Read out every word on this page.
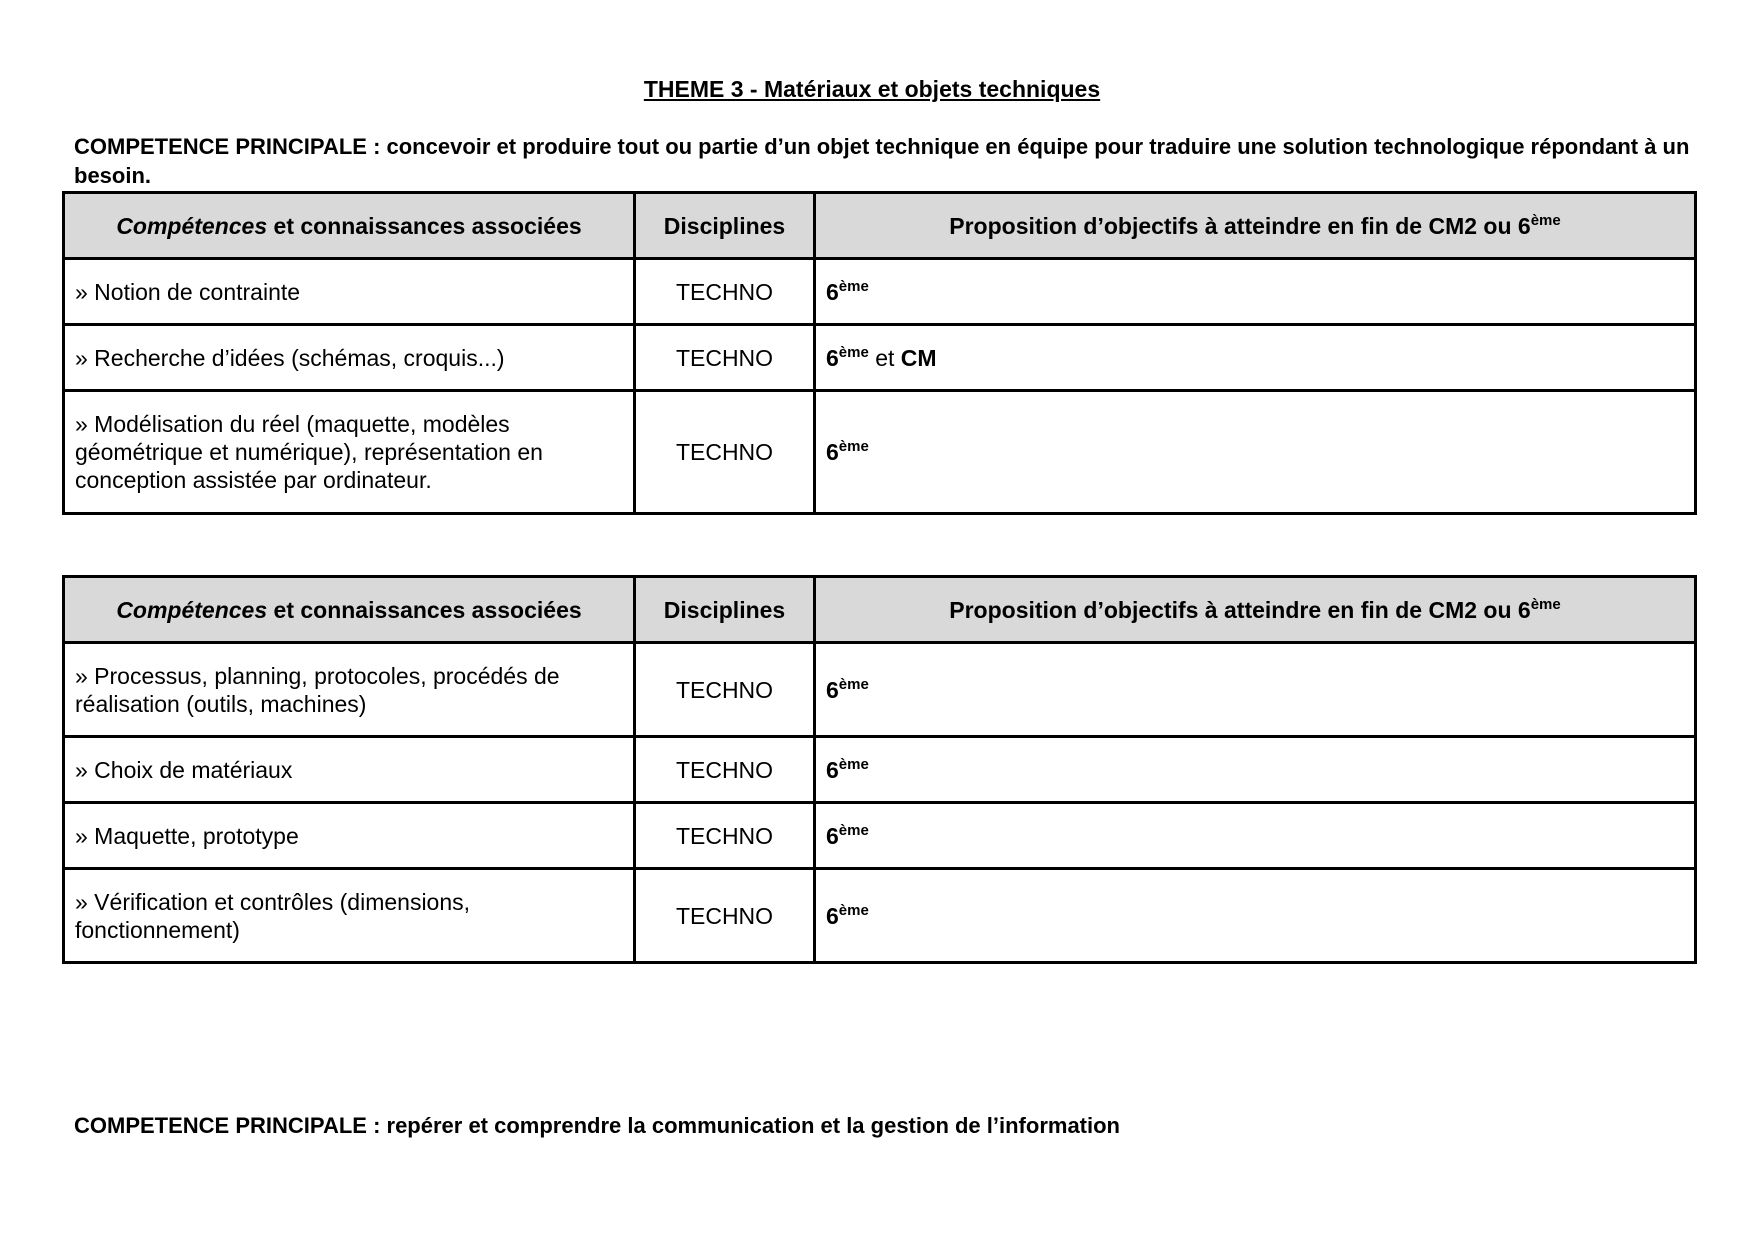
THEME 3 - Matériaux et objets techniques

COMPETENCE PRINCIPALE : concevoir et produire tout ou partie d’un objet technique en équipe pour traduire une solution technologique répondant à un besoin.

Compétences et connaissances associées	Disciplines	Proposition d’objectifs à atteindre en fin de CM2 ou 6ème
» Notion de contrainte	TECHNO	6ème
» Recherche d’idées (schémas, croquis...)	TECHNO	6ème et CM
» Modélisation du réel (maquette, modèles géométrique et numérique), représentation en conception assistée par ordinateur.	TECHNO	6ème
Compétences et connaissances associées	Disciplines	Proposition d’objectifs à atteindre en fin de CM2 ou 6ème
» Processus, planning, protocoles, procédés de réalisation (outils, machines)	TECHNO	6ème
» Choix de matériaux	TECHNO	6ème
» Maquette, prototype	TECHNO	6ème
» Vérification et contrôles (dimensions, fonctionnement)	TECHNO	6ème

COMPETENCE PRINCIPALE : repérer et comprendre la communication et la gestion de l’information
